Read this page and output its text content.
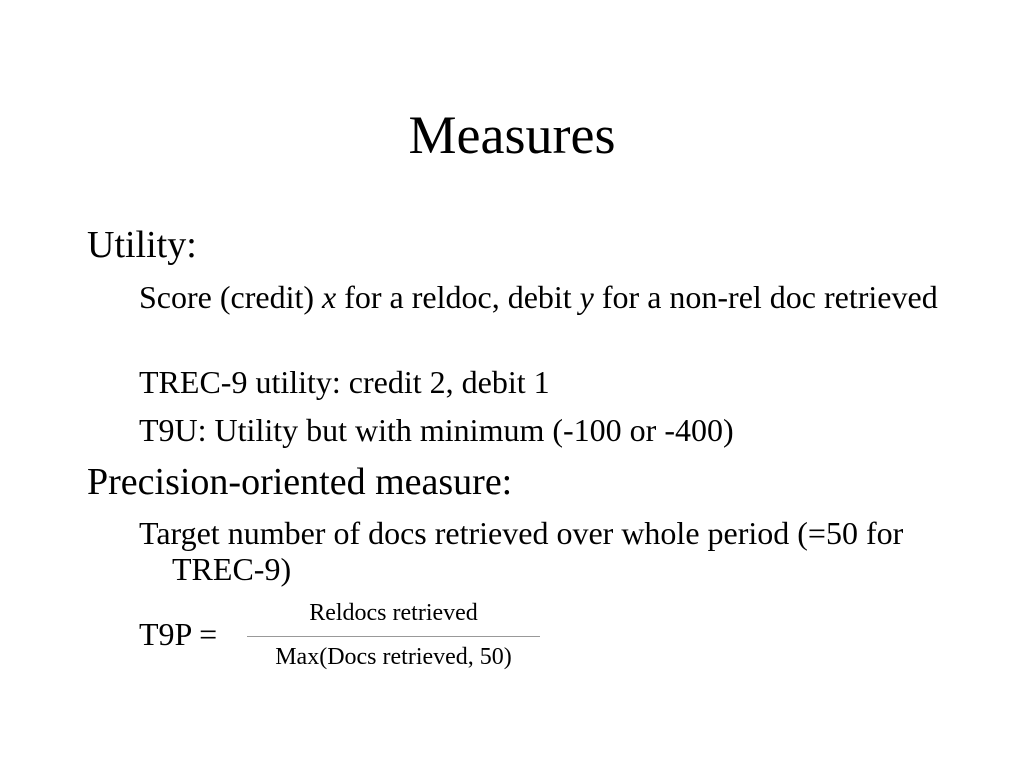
Measures
Utility:
Score (credit) x for a reldoc, debit y for a non-rel doc retrieved
TREC-9 utility: credit 2, debit 1
T9U: Utility but with minimum (-100 or -400)
Precision-oriented measure:
Target number of docs retrieved over whole period (=50 for TREC-9)
T9P =
Reldocs retrieved
Max(Docs retrieved, 50)
